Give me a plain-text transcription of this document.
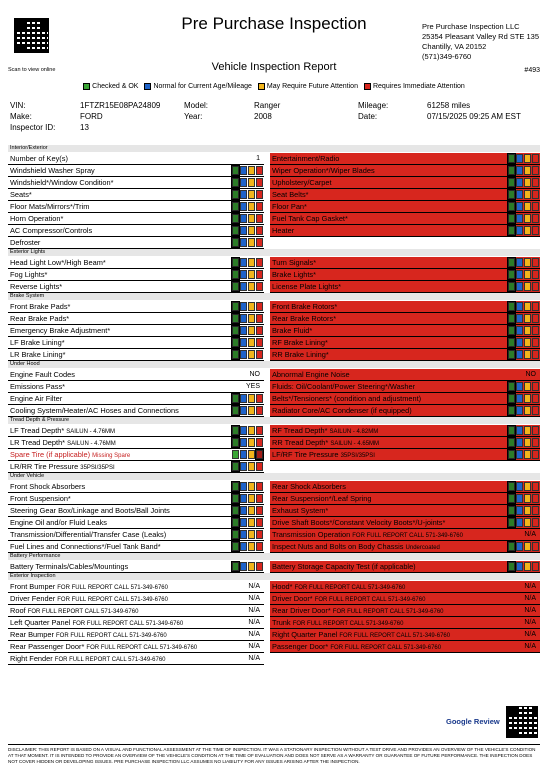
Scan to view online
Pre Purchase Inspection
Vehicle Inspection Report
Pre Purchase Inspection LLC
25354 Pleasant Valley Rd STE 135
Chantilly, VA 20152
(571)349-6760
#493
Checked & OK Normal for Current Age/Mileage May Require Future Attention Requires Immediate Attention
VIN:	1FTZR15E08PA24809
Make:	FORD
Inspector ID:	13
Model:	Ranger
Year:	2008
Mileage:	61258 miles
Date:	07/15/2025 09:25 AM EST
Interior/Exterior
Number of Key(s)	1 Entertainment/Radio
Windshield Washer Spray	Wiper Operation*/Wiper Blades
Windshield*/Window Condition*	Upholstery/Carpet
Seats*	Seat Belts*
Floor Mats/Mirrors*/Trim	Floor Pan*
Horn Operation*	Fuel Tank Cap Gasket*
AC Compressor/Controls	Heater
Defroster
Exterior Lights
Head Light Low*/High Beam*	Turn Signals*
Fog Lights*	Brake Lights*
Reverse Lights*	License Plate Lights*
Brake System
Front Brake Pads*	Front Brake Rotors*
Rear Brake Pads*	Rear Brake Rotors*
Emergency Brake Adjustment*	Brake Fluid*
LF Brake Lining*	RF Brake Lining*
LR Brake Lining*	RR Brake Lining*
Under Hood
Engine Fault Codes	NO Abnormal Engine Noise	NO
Emissions Pass*	YES Fluids: Oil/Coolant/Power Steering*/Washer
Engine Air Filter	Belts*/Tensioners* (condition and adjustment)
Cooling System/Heater/AC Hoses and Connections	Radiator Core/AC Condenser (if equipped)
Tread Depth & Pressure
LF Tread Depth* SAILUN - 4.76MM	RF Tread Depth* SAILUN - 4.82MM
LR Tread Depth* SAILUN - 4.76MM	RR Tread Depth* SAILUN - 4.65MM
Spare Tire (if applicable) Missing Spare	LF/RF Tire Pressure 35PSI/35PSI
LR/RR Tire Pressure 35PSI/35PSI
Under Vehicle
Front Shock Absorbers	Rear Shock Absorbers
Front Suspension*	Rear Suspension*/Leaf Spring
Steering Gear Box/Linkage and Boots/Ball Joints	Exhaust System*
Engine Oil and/or Fluid Leaks	Drive Shaft Boots*/Constant Velocity Boots*/U-joints*
Transmission/Differential/Transfer Case (Leaks)	Transmission Operation FOR FULL REPORT CALL 571-349-6760	N/A
Fuel Lines and Connections*/Fuel Tank Band*	Inspect Nuts and Bolts on Body Chassis Undercoated
Battery Performance
Battery Terminals/Cables/Mountings	Battery Storage Capacity Test (if applicable)
Exterior Inspection
Front Bumper FOR FULL REPORT CALL 571-349-6760	N/A Hood* FOR FULL REPORT CALL 571-349-6760	N/A
Driver Fender FOR FULL REPORT CALL 571-349-6760	N/A Driver Door* FOR FULL REPORT CALL 571-349-6760	N/A
Roof FOR FULL REPORT CALL 571-349-6760	N/A Rear Driver Door* FOR FULL REPORT CALL 571-349-6760	N/A
Left Quarter Panel FOR FULL REPORT CALL 571-349-6760	N/A Trunk FOR FULL REPORT CALL 571-349-6760	N/A
Rear Bumper FOR FULL REPORT CALL 571-349-6760	N/A Right Quarter Panel FOR FULL REPORT CALL 571-349-6760	N/A
Rear Passenger Door* FOR FULL REPORT CALL 571-349-6760	N/A Passenger Door* FOR FULL REPORT CALL 571-349-6760	N/A
Right Fender FOR FULL REPORT CALL 571-349-6760	N/A
Google Review
DISCLAIMER: THIS REPORT IS BASED ON A VISUAL AND FUNCTIONAL ASSESSMENT AT THE TIME OF INSPECTION. IT WAS A STATIONARY INSPECTION WITHOUT A TEST DRIVE AND PROVIDES AN OVERVIEW OF THE VEHICLE'S CONDITION AT THAT MOMENT. IT IS INTENDED TO PROVIDE AN OVERVIEW OF THE VEHICLE'S CONDITION AT THE TIME OF EVALUATION AND DOES NOT SERVE AS A WARRANTY OR GUARANTEE OF FUTURE PERFORMANCE. THE INSPECTION DOES NOT COVER HIDDEN OR DEVELOPING ISSUES. PRE PURCHASE INSPECTION LLC ASSUMES NO LIABILITY FOR ANY ISSUES ARISING AFTER THE INSPECTION.
